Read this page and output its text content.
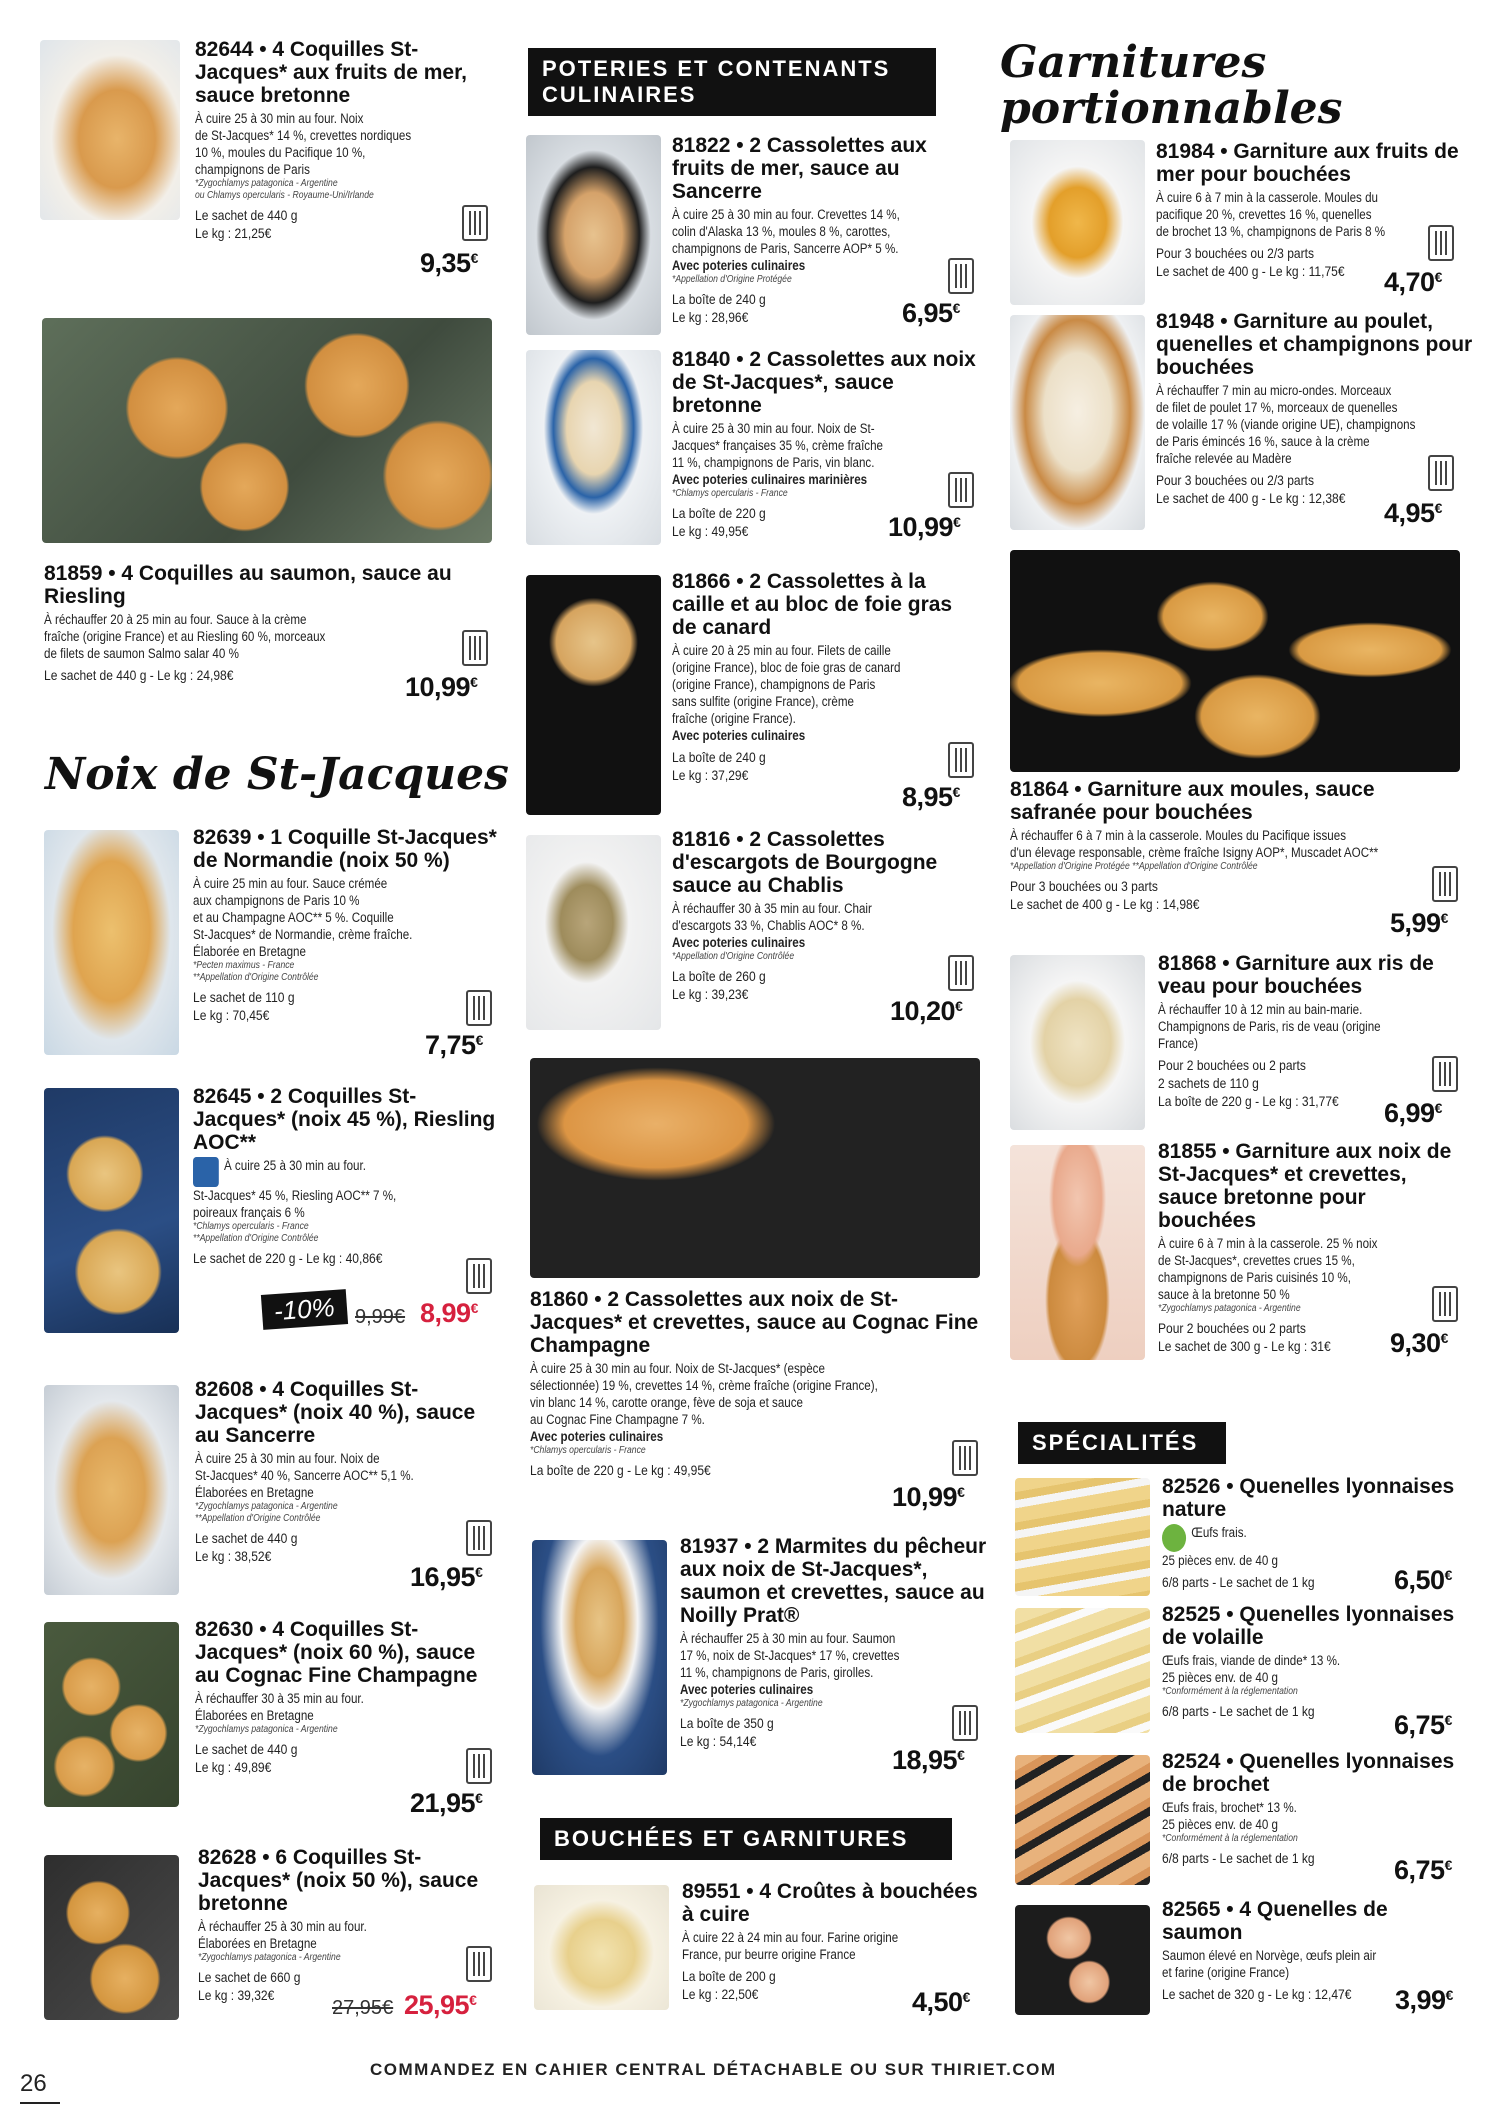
82644 • 4 Coquilles St-Jacques* aux fruits de mer, sauce bretonne
À cuire 25 à 30 min au four. Noix
de St-Jacques* 14 %, crevettes nordiques
10 %, moules du Pacifique 10 %,
champignons de Paris
*Zygochlamys patagonica - Argentine
ou Chlamys opercularis - Royaume-Uni/Irlande
Le sachet de 440 g
Le kg : 21,25€
9,35€
81859 • 4 Coquilles au saumon, sauce au Riesling
À réchauffer 20 à 25 min au four. Sauce à la crème
fraîche (origine France) et au Riesling 60 %, morceaux
de filets de saumon Salmo salar 40 %
Le sachet de 440 g - Le kg : 24,98€	10,99€
Noix de St-Jacques
82639 • 1 Coquille St-Jacques* de Normandie (noix 50 %)
À cuire 25 min au four. Sauce crémée
aux champignons de Paris 10 %
et au Champagne AOC** 5 %. Coquille
St-Jacques* de Normandie, crème fraîche.
Élaborée en Bretagne
*Pecten maximus - France
**Appellation d'Origine Contrôlée
Le sachet de 110 g
Le kg : 70,45€
7,75€
82645 • 2 Coquilles St-Jacques* (noix 45 %), Riesling AOC**
À cuire 25 à 30 min au four.
St-Jacques* 45 %, Riesling AOC** 7 %,
poireaux français 6 %
*Chlamys opercularis - France
**Appellation d'Origine Contrôlée
Le sachet de 220 g - Le kg : 40,86€
-10% 9,99€ 8,99€
82608 • 4 Coquilles St-Jacques* (noix 40 %), sauce au Sancerre
À cuire 25 à 30 min au four. Noix de
St-Jacques* 40 %, Sancerre AOC** 5,1 %.
Élaborées en Bretagne
*Zygochlamys patagonica - Argentine
**Appellation d'Origine Contrôlée
Le sachet de 440 g
Le kg : 38,52€
16,95€
82630 • 4 Coquilles St-Jacques* (noix 60 %), sauce au Cognac Fine Champagne
À réchauffer 30 à 35 min au four.
Élaborées en Bretagne
*Zygochlamys patagonica - Argentine
Le sachet de 440 g
Le kg : 49,89€
21,95€
82628 • 6 Coquilles St-Jacques* (noix 50 %), sauce bretonne
À réchauffer 25 à 30 min au four.
Élaborées en Bretagne
*Zygochlamys patagonica - Argentine
Le sachet de 660 g
Le kg : 39,32€
27,95€ 25,95€
POTERIES ET CONTENANTS
CULINAIRES
81822 • 2 Cassolettes aux fruits de mer, sauce au Sancerre
À cuire 25 à 30 min au four. Crevettes 14 %,
colin d'Alaska 13 %, moules 8 %, carottes,
champignons de Paris, Sancerre AOP* 5 %.
Avec poteries culinaires
*Appellation d'Origine Protégée
La boîte de 240 g
Le kg : 28,96€	6,95€
81840 • 2 Cassolettes aux noix de St-Jacques*, sauce bretonne
À cuire 25 à 30 min au four. Noix de St-
Jacques* françaises 35 %, crème fraîche
11 %, champignons de Paris, vin blanc.
Avec poteries culinaires marinières
*Chlamys opercularis - France
La boîte de 220 g
Le kg : 49,95€	10,99€
81866 • 2 Cassolettes à la caille et au bloc de foie gras de canard
À cuire 20 à 25 min au four. Filets de caille
(origine France), bloc de foie gras de canard
(origine France), champignons de Paris
sans sulfite (origine France), crème
fraîche (origine France).
Avec poteries culinaires
La boîte de 240 g
Le kg : 37,29€
8,95€
81816 • 2 Cassolettes d'escargots de Bourgogne sauce au Chablis
À réchauffer 30 à 35 min au four. Chair
d'escargots 33 %, Chablis AOC* 8 %.
Avec poteries culinaires
*Appellation d'Origine Contrôlée
La boîte de 260 g
Le kg : 39,23€
10,20€
81860 • 2 Cassolettes aux noix de St-Jacques* et crevettes, sauce au Cognac Fine Champagne
À cuire 25 à 30 min au four. Noix de St-Jacques* (espèce
sélectionnée) 19 %, crevettes 14 %, crème fraîche (origine France),
vin blanc 14 %, carotte orange, fève de soja et sauce
au Cognac Fine Champagne 7 %.
Avec poteries culinaires
*Chlamys opercularis - France
La boîte de 220 g - Le kg : 49,95€
10,99€
81937 • 2 Marmites du pêcheur aux noix de St-Jacques*, saumon et crevettes, sauce au Noilly Prat®
À réchauffer 25 à 30 min au four. Saumon
17 %, noix de St-Jacques* 17 %, crevettes
11 %, champignons de Paris, girolles.
Avec poteries culinaires
*Zygochlamys patagonica - Argentine
La boîte de 350 g
Le kg : 54,14€
18,95€
BOUCHÉES ET GARNITURES
89551 • 4 Croûtes à bouchées à cuire
À cuire 22 à 24 min au four. Farine origine
France, pur beurre origine France
La boîte de 200 g
Le kg : 22,50€	4,50€
Garnitures
portionnables
81984 • Garniture aux fruits de mer pour bouchées
À cuire 6 à 7 min à la casserole. Moules du
pacifique 20 %, crevettes 16 %, quenelles
de brochet 13 %, champignons de Paris 8 %
Pour 3 bouchées ou 2/3 parts
Le sachet de 400 g - Le kg : 11,75€	4,70€
81948 • Garniture au poulet, quenelles et champignons pour bouchées
À réchauffer 7 min au micro-ondes. Morceaux
de filet de poulet 17 %, morceaux de quenelles
de volaille 17 % (viande origine UE), champignons
de Paris émincés 16 %, sauce à la crème
fraîche relevée au Madère
Pour 3 bouchées ou 2/3 parts
Le sachet de 400 g - Le kg : 12,38€	4,95€
81864 • Garniture aux moules, sauce safranée pour bouchées
À réchauffer 6 à 7 min à la casserole. Moules du Pacifique issues
d'un élevage responsable, crème fraîche Isigny AOP*, Muscadet AOC**
*Appellation d'Origine Protégée **Appellation d'Origine Contrôlée
Pour 3 bouchées ou 3 parts
Le sachet de 400 g - Le kg : 14,98€
5,99€
81868 • Garniture aux ris de veau pour bouchées
À réchauffer 10 à 12 min au bain-marie.
Champignons de Paris, ris de veau (origine
France)
Pour 2 bouchées ou 2 parts
2 sachets de 110 g
La boîte de 220 g - Le kg : 31,77€	6,99€
81855 • Garniture aux noix de St-Jacques* et crevettes, sauce bretonne pour bouchées
À cuire 6 à 7 min à la casserole. 25 % noix
de St-Jacques*, crevettes crues 15 %,
champignons de Paris cuisinés 10 %,
sauce à la bretonne 50 %
*Zygochlamys patagonica - Argentine
Pour 2 bouchées ou 2 parts
Le sachet de 300 g - Le kg : 31€	9,30€
SPÉCIALITÉS
82526 • Quenelles lyonnaises nature
Œufs frais.
25 pièces env. de 40 g
6/8 parts - Le sachet de 1 kg	6,50€
82525 • Quenelles lyonnaises de volaille
Œufs frais, viande de dinde* 13 %.
25 pièces env. de 40 g
*Conformément à la réglementation
6/8 parts - Le sachet de 1 kg	6,75€
82524 • Quenelles lyonnaises de brochet
Œufs frais, brochet* 13 %.
25 pièces env. de 40 g
*Conformément à la réglementation
6/8 parts - Le sachet de 1 kg	6,75€
82565 • 4 Quenelles de saumon
Saumon élevé en Norvège, œufs plein air
et farine (origine France)
Le sachet de 320 g - Le kg : 12,47€	3,99€
26
COMMANDEZ EN CAHIER CENTRAL DÉTACHABLE OU SUR THIRIET.COM
